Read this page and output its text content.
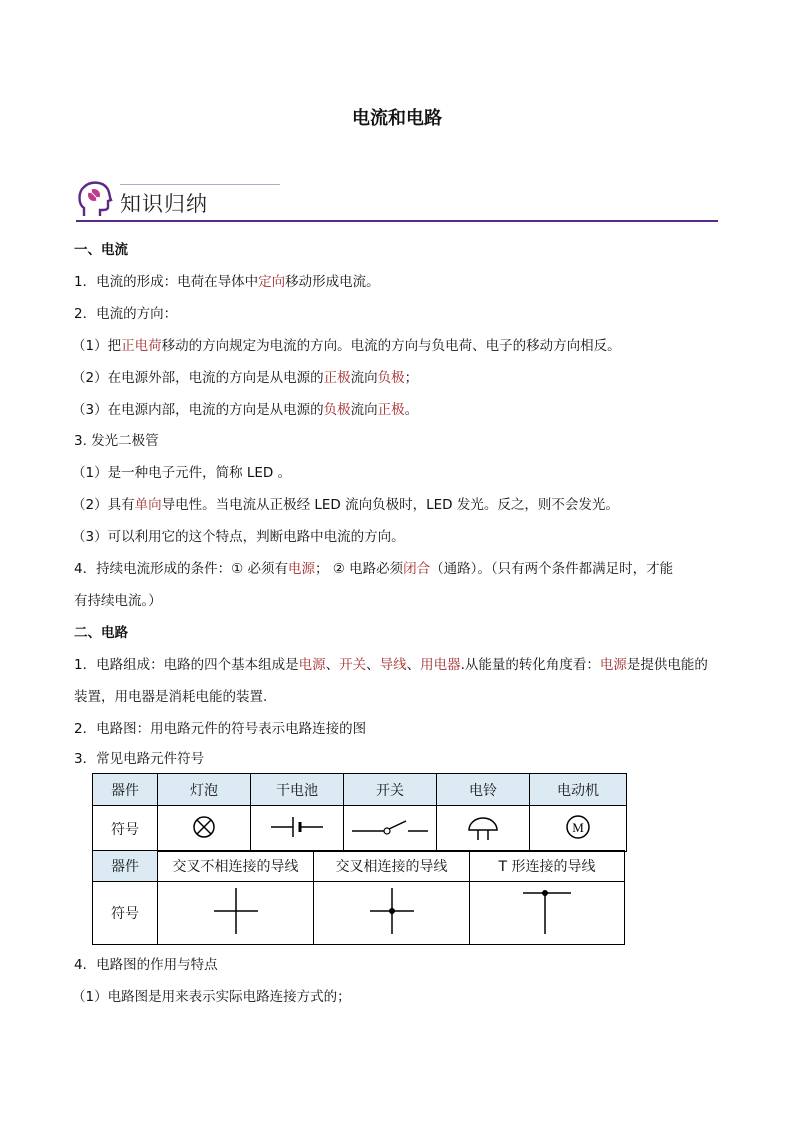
电流和电路
知识归纳
一、电流
1．电流的形成：电荷在导体中定向移动形成电流。
2．电流的方向：
（1）把正电荷移动的方向规定为电流的方向。电流的方向与负电荷、电子的移动方向相反。
（2）在电源外部，电流的方向是从电源的正极流向负极；
（3）在电源内部，电流的方向是从电源的负极流向正极。
3. 发光二极管
（1）是一种电子元件，简称 LED 。
（2）具有单向导电性。当电流从正极经 LED 流向负极时，LED 发光。反之，则不会发光。
（3）可以利用它的这个特点，判断电路中电流的方向。
4．持续电流形成的条件：① 必须有电源； ② 电路必须闭合（通路）。（只有两个条件都满足时，才能
有持续电流。）
二、电路
1．电路组成：电路的四个基本组成是电源、开关、导线、用电器.从能量的转化角度看：电源是提供电能的
装置，用电器是消耗电能的装置.
2．电路图：用电路元件的符号表示电路连接的图
3．常见电路元件符号
器件	灯泡	干电池	开关	电铃	电动机
符号					M
器件	交叉不相连接的导线	交叉相连接的导线	T 形连接的导线
符号			
4．电路图的作用与特点
（1）电路图是用来表示实际电路连接方式的；
